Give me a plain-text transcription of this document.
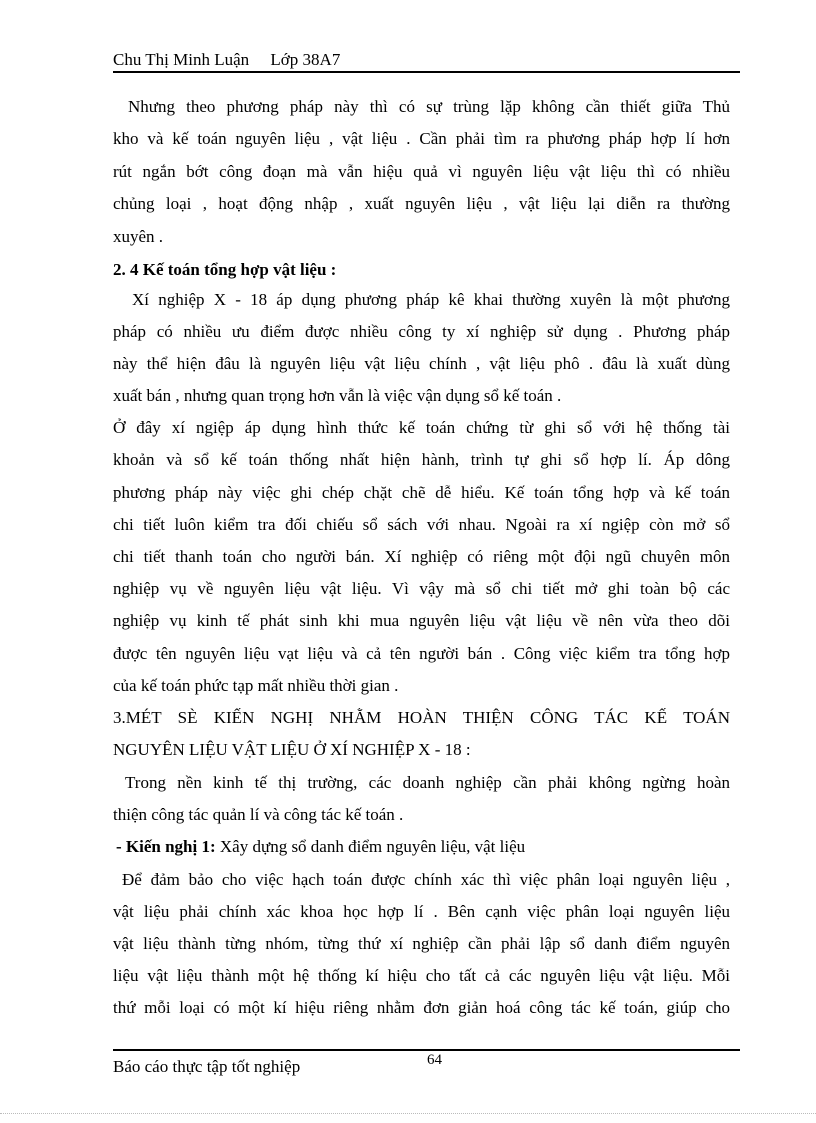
Chu Thị Minh Luận Lớp 38A7
Nhưng theo phương pháp này thì có sự trùng lặp không cần thiết giữa Thủ
kho và kế toán nguyên liệu , vật liệu . Cần phải tìm ra phương pháp hợp lí hơn
rút ngắn bớt công đoạn mà vẫn hiệu quả vì nguyên liệu vật liệu thì có nhiều
chủng loại , hoạt động nhập , xuất nguyên liệu , vật liệu lại diễn ra thường
xuyên .
2. 4 Kế toán tổng hợp vật liệu :
Xí nghiệp X - 18 áp dụng phương pháp kê khai thường xuyên là một phương
pháp có nhiều ưu điểm được nhiều công ty xí nghiệp sử dụng . Phương pháp
này thể hiện đâu là nguyên liệu vật liệu chính , vật liệu phô . đâu là xuất dùng
xuất bán , nhưng quan trọng hơn vẫn là việc vận dụng sổ kế toán .
Ở đây xí ngiệp áp dụng hình thức kế toán chứng từ ghi sổ với hệ thống tài
khoản và sổ kế toán thống nhất hiện hành, trình tự ghi sổ hợp lí. Áp dông
phương pháp này việc ghi chép chặt chẽ dễ hiểu. Kế toán tổng hợp và kế toán
chi tiết luôn kiểm tra đối chiếu sổ sách với nhau. Ngoài ra xí ngiệp còn mở sổ
chi tiết thanh toán cho người bán. Xí nghiệp có riêng một đội ngũ chuyên môn
nghiệp vụ về nguyên liệu vật liệu. Vì vậy mà sổ chi tiết mở ghi toàn bộ các
nghiệp vụ kinh tế phát sinh khi mua nguyên liệu vật liệu về nên vừa theo dõi
được tên nguyên liệu vạt liệu và cả tên người bán . Công việc kiểm tra tổng hợp
của kế toán phức tạp mất nhiều thời gian .
3.MÉT SÈ KIẾN NGHỊ NHẰM HOÀN THIỆN CÔNG TÁC KẾ TOÁN
NGUYÊN LIỆU VẬT LIỆU Ở XÍ NGHIỆP X - 18 :
Trong nền kinh tế thị trường, các doanh nghiệp cần phải không ngừng hoàn
thiện công tác quản lí và công tác kế toán .
- Kiến nghị 1: Xây dựng sổ danh điểm nguyên liệu, vật liệu
Để đảm bảo cho việc hạch toán được chính xác thì việc phân loại nguyên liệu ,
vật liệu phải chính xác khoa học hợp lí . Bên cạnh việc phân loại nguyên liệu
vật liệu thành từng nhóm, từng thứ xí nghiệp cần phải lập sổ danh điểm nguyên
liệu vật liệu thành một hệ thống kí hiệu cho tất cả các nguyên liệu vật liệu. Mỗi
thứ mỗi loại có một kí hiệu riêng nhằm đơn giản hoá công tác kế toán, giúp cho
64
Báo cáo thực tập tốt nghiệp
